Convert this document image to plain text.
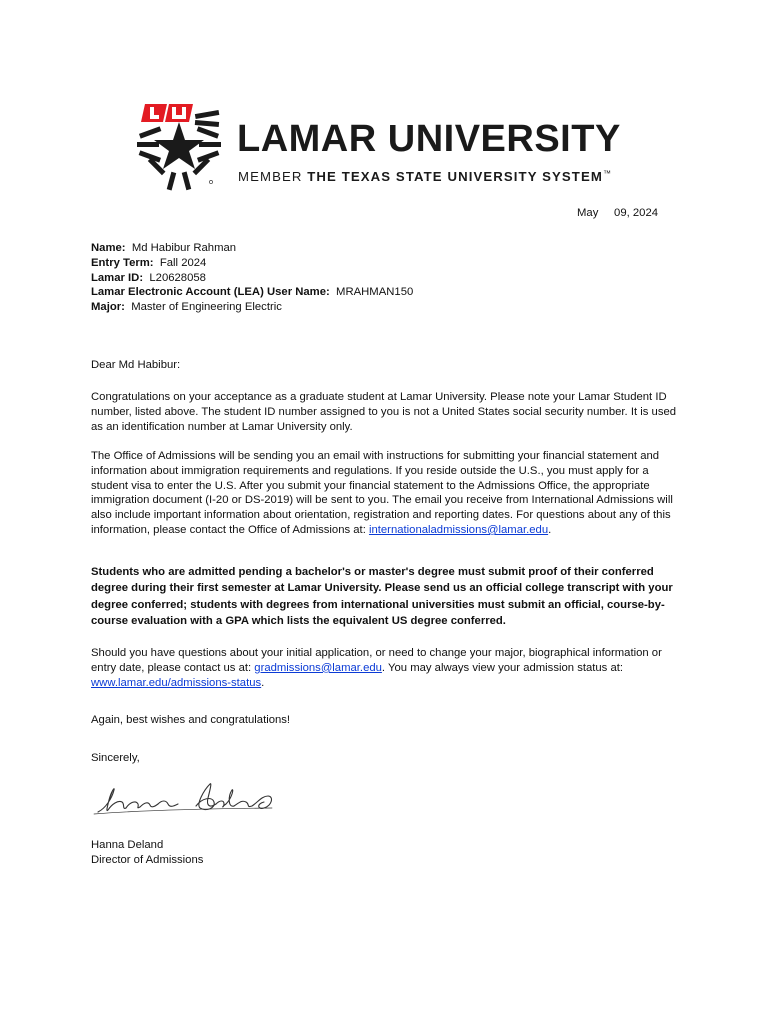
LAMAR UNIVERSITY
MEMBER THE TEXAS STATE UNIVERSITY SYSTEM™
May     09, 2024
Name: Md Habibur Rahman
Entry Term: Fall 2024
Lamar ID: L20628058
Lamar Electronic Account (LEA) User Name: MRAHMAN150
Major: Master of Engineering Electric
Dear Md Habibur:

Congratulations on your acceptance as a graduate student at Lamar University. Please note your Lamar Student ID number, listed above. The student ID number assigned to you is not a United States social security number. It is used as an identification number at Lamar University only.

The Office of Admissions will be sending you an email with instructions for submitting your financial statement and information about immigration requirements and regulations. If you reside outside the U.S., you must apply for a student visa to enter the U.S. After you submit your financial statement to the Admissions Office, the appropriate immigration document (I-20 or DS-2019) will be sent to you. The email you receive from International Admissions will also include important information about orientation, registration and reporting dates. For questions about any of this information, please contact the Office of Admissions at: internationaladmissions@lamar.edu.

Students who are admitted pending a bachelor's or master's degree must submit proof of their conferred degree during their first semester at Lamar University. Please send us an official college transcript with your degree conferred; students with degrees from international universities must submit an official, course-by-course evaluation with a GPA which lists the equivalent US degree conferred.

Should you have questions about your initial application, or need to change your major, biographical information or entry date, please contact us at: gradmissions@lamar.edu. You may always view your admission status at: www.lamar.edu/admissions-status.

Again, best wishes and congratulations!
Sincerely,
Hanna Deland
Director of Admissions
